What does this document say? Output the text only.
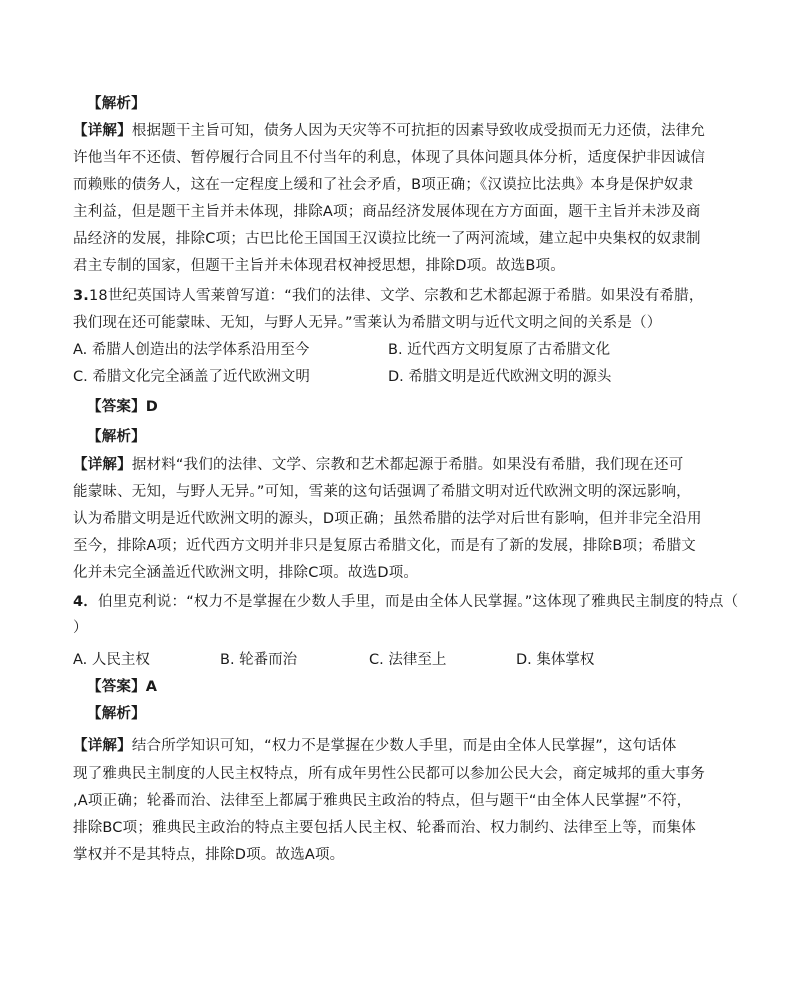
【解析】
【详解】根据题干主旨可知，债务人因为天灾等不可抗拒的因素导致收成受损而无力还债，法律允
许他当年不还债、暂停履行合同且不付当年的利息，体现了具体问题具体分析，适度保护非因诚信
而赖账的债务人，这在一定程度上缓和了社会矛盾，B项正确；《汉谟拉比法典》本身是保护奴隶
主利益，但是题干主旨并未体现，排除A项；商品经济发展体现在方方面面，题干主旨并未涉及商
品经济的发展，排除C项；古巴比伦王国国王汉谟拉比统一了两河流域，建立起中央集权的奴隶制
君主专制的国家，但题干主旨并未体现君权神授思想，排除D项。故选B项。
3.18世纪英国诗人雪莱曾写道：“我们的法律、文学、宗教和艺术都起源于希腊。如果没有希腊，
我们现在还可能蒙昧、无知，与野人无异。”雪莱认为希腊文明与近代文明之间的关系是（）
A. 希腊人创造出的法学体系沿用至今	B. 近代西方文明复原了古希腊文化
C. 希腊文化完全涵盖了近代欧洲文明	D. 希腊文明是近代欧洲文明的源头
【答案】D
【解析】
【详解】据材料“我们的法律、文学、宗教和艺术都起源于希腊。如果没有希腊，我们现在还可
能蒙昧、无知，与野人无异。”可知，雪莱的这句话强调了希腊文明对近代欧洲文明的深远影响，
认为希腊文明是近代欧洲文明的源头，D项正确；虽然希腊的法学对后世有影响，但并非完全沿用
至今，排除A项；近代西方文明并非只是复原古希腊文化，而是有了新的发展，排除B项；希腊文
化并未完全涵盖近代欧洲文明，排除C项。故选D项。
4．伯里克利说：“权力不是掌握在少数人手里，而是由全体人民掌握。”这体现了雅典民主制度的特点（
）
A. 人民主权	B. 轮番而治	C. 法律至上	D. 集体掌权
【答案】A
【解析】
【详解】结合所学知识可知，“权力不是掌握在少数人手里，而是由全体人民掌握”，这句话体
现了雅典民主制度的人民主权特点，所有成年男性公民都可以参加公民大会，商定城邦的重大事务
,A项正确；轮番而治、法律至上都属于雅典民主政治的特点，但与题干“由全体人民掌握”不符，
排除BC项；雅典民主政治的特点主要包括人民主权、轮番而治、权力制约、法律至上等，而集体
掌权并不是其特点，排除D项。故选A项。
